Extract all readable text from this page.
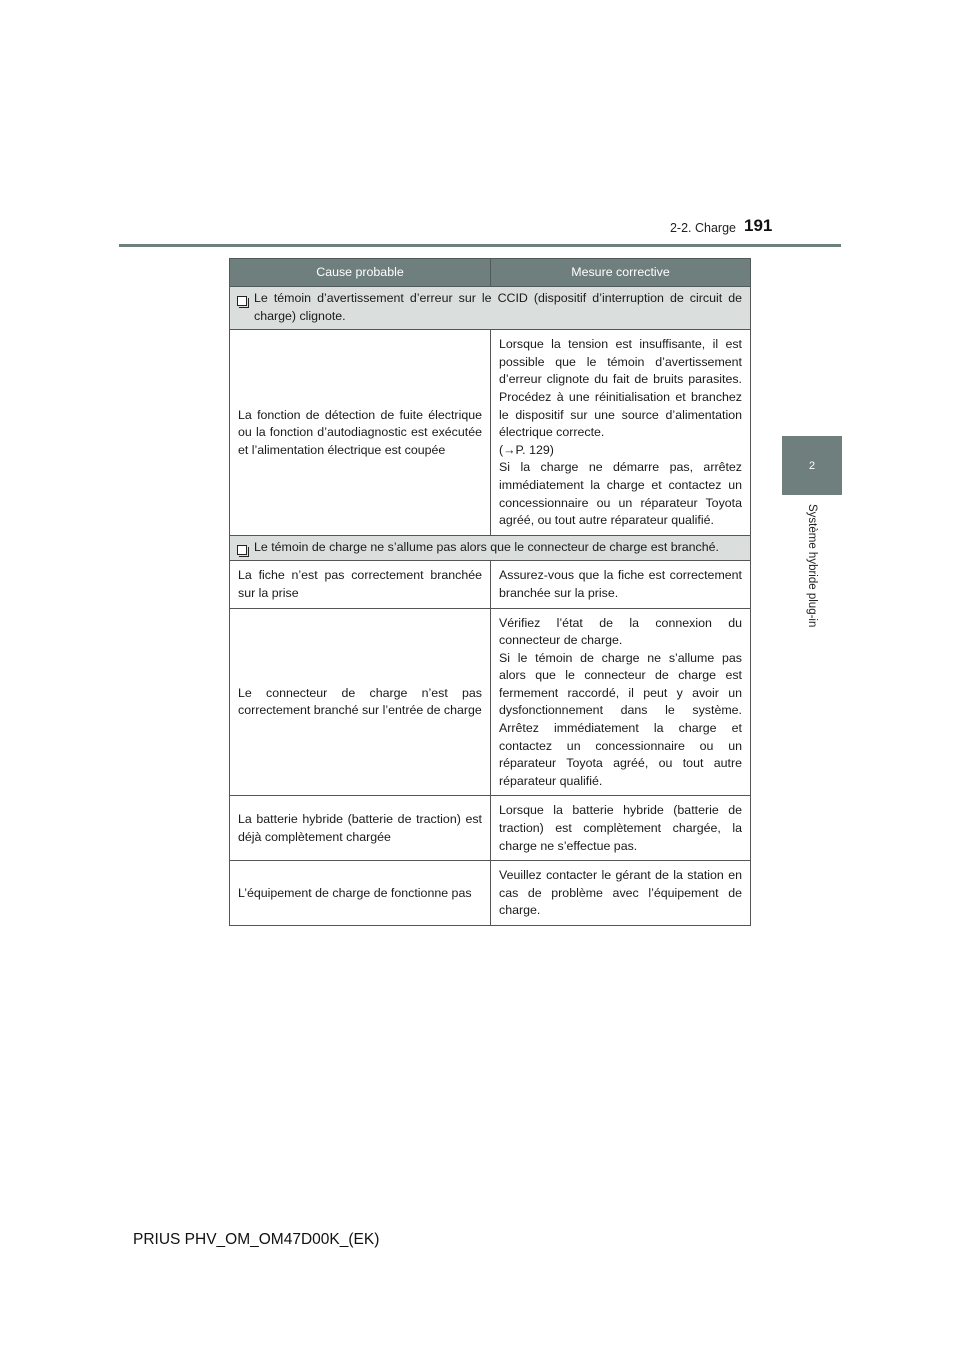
2-2. Charge 191
2
Système hybride plug-in
Cause probable	Mesure corrective

Le témoin d’avertissement d’erreur sur le CCID (dispositif d’interruption de circuit de charge) clignote.	
La fonction de détection de fuite électrique ou la fonction d’autodiagnostic est exécutée et l’alimentation électrique est coupée	Lorsque la tension est insuffisante, il est possible que le témoin d’avertissement d’erreur clignote du fait de bruits parasites. Procédez à une réinitialisation et branchez le dispositif sur une source d’alimentation électrique correcte.
(→P. 129)
Si la charge ne démarre pas, arrêtez immédiatement la charge et contactez un concessionnaire ou un réparateur Toyota agréé, ou tout autre réparateur qualifié.

Le témoin de charge ne s’allume pas alors que le connecteur de charge est branché.	
La fiche n’est pas correctement branchée sur la prise	Assurez-vous que la fiche est correctement branchée sur la prise.
Le connecteur de charge n’est pas correctement branché sur l’entrée de charge	Vérifiez l’état de la connexion du connecteur de charge.
Si le témoin de charge ne s’allume pas alors que le connecteur de charge est fermement raccordé, il peut y avoir un dysfonctionnement dans le système. Arrêtez immédiatement la charge et contactez un concessionnaire ou un réparateur Toyota agréé, ou tout autre réparateur qualifié.

La batterie hybride (batterie de traction) est déjà complètement chargée	Lorsque la batterie hybride (batterie de traction) est complètement chargée, la charge ne s’effectue pas.
L’équipement de charge de fonctionne pas	Veuillez contacter le gérant de la station en cas de problème avec l’équipement de charge.
PRIUS PHV_OM_OM47D00K_(EK)
